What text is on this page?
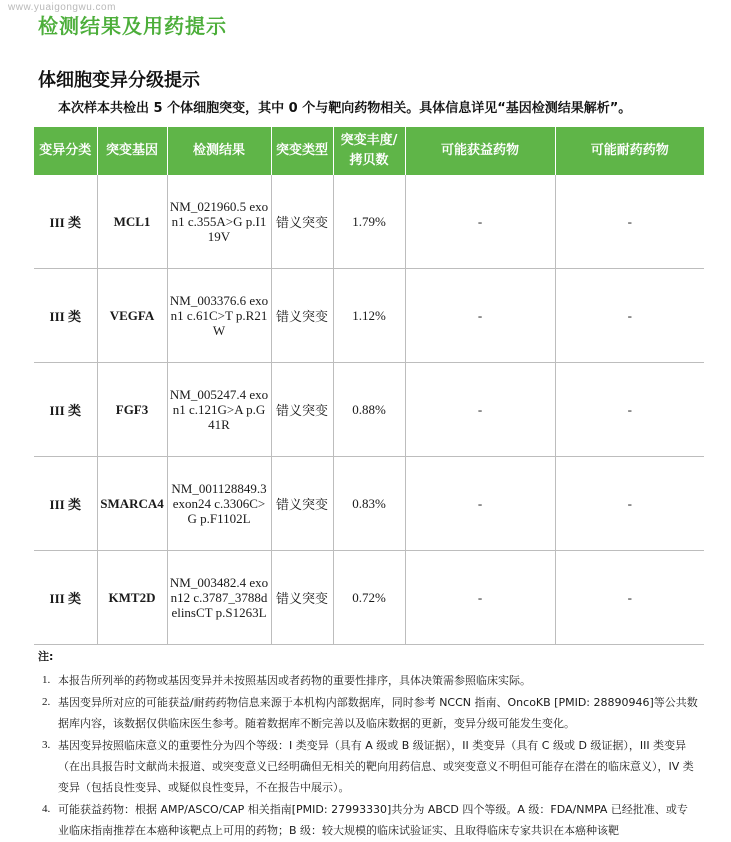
www.yuaigongwu.com
检测结果及用药提示
体细胞变异分级提示
本次样本共检出 5 个体细胞突变，其中 0 个与靶向药物相关。具体信息详见“基因检测结果解析”。
变异分类	突变基因	检测结果	突变类型	突变丰度/拷贝数	可能获益药物	可能耐药药物
III 类	MCL1	NM_021960.5 exon1 c.355A>G p.I119V	错义突变	1.79%	-	-
III 类	VEGFA	NM_003376.6 exon1 c.61C>T p.R21W	错义突变	1.12%	-	-
III 类	FGF3	NM_005247.4 exon1 c.121G>A p.G41R	错义突变	0.88%	-	-
III 类	SMARCA4	NM_001128849.3 exon24 c.3306C>G p.F1102L	错义突变	0.83%	-	-
III 类	KMT2D	NM_003482.4 exon12 c.3787_3788delinsCT p.S1263L	错义突变	0.72%	-	-
注:
1. 本报告所列举的药物或基因变异并未按照基因或者药物的重要性排序，具体决策需参照临床实际。
2. 基因变异所对应的可能获益/耐药药物信息来源于本机构内部数据库，同时参考 NCCN 指南、OncoKB [PMID: 28890946]等公共数据库内容，该数据仅供临床医生参考。随着数据库不断完善以及临床数据的更新，变异分级可能发生变化。
3. 基因变异按照临床意义的重要性分为四个等级：I 类变异（具有 A 级或 B 级证据），II 类变异（具有 C 级或 D 级证据），III 类变异（在出具报告时文献尚未报道、或突变意义已经明确但无相关的靶向用药信息、或突变意义不明但可能存在潜在的临床意义），IV 类变异（包括良性变异、或疑似良性变异，不在报告中展示）。
4. 可能获益药物：根据 AMP/ASCO/CAP 相关指南[PMID: 27993330]共分为 ABCD 四个等级。A 级：FDA/NMPA 已经批准、或专业临床指南推荐在本癌种该靶点上可用的药物；B 级：较大规模的临床试验证实、且取得临床专家共识在本癌种该靶
